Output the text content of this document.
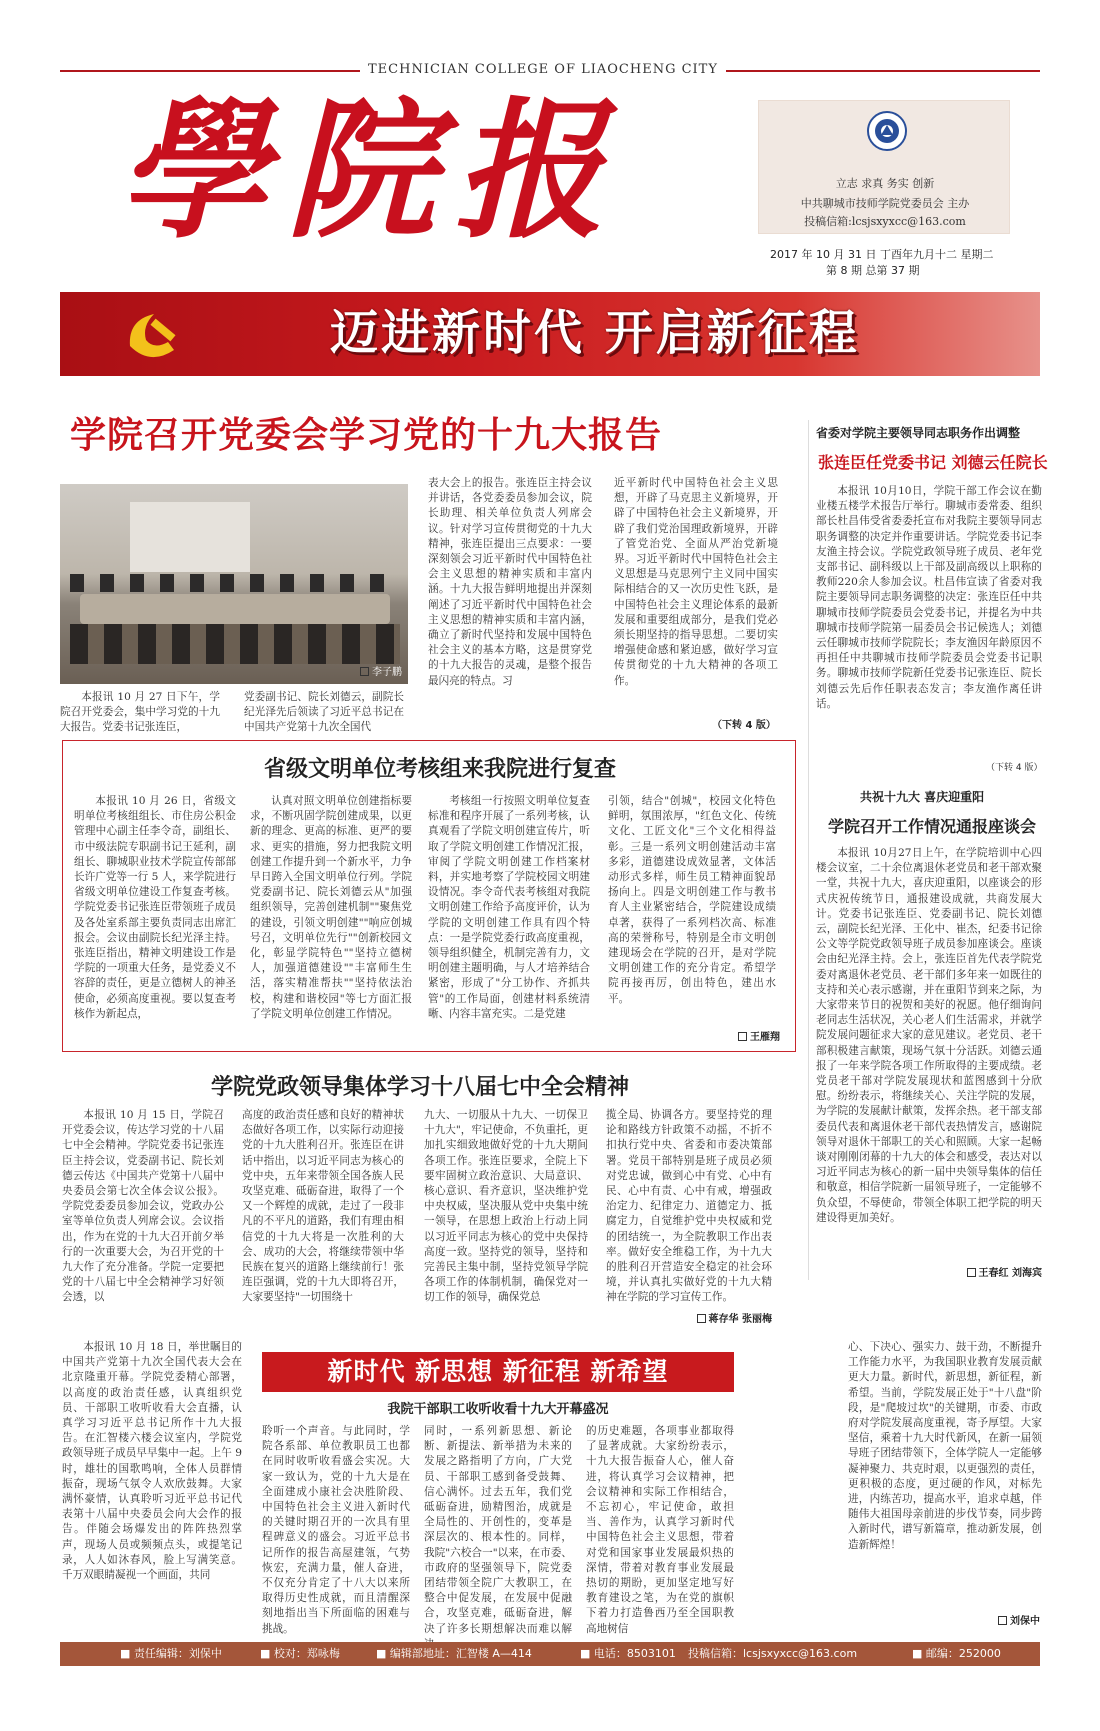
TECHNICIAN COLLEGE OF LIAOCHENG CITY
學院报	立志 求真 务实 创新
中共聊城市技师学院党委员会 主办
投稿信箱:lcsjsxyxcc@163.com
2017 年 10 月 31 日 丁酉年九月十二 星期二
第 8 期 总第 37 期
迈进新时代 开启新征程
学院召开党委会学习党的十九大报告
李子鹏
本报讯 10 月 27 日下午，学院召开党委会，集中学习党的十九大报告。党委书记张连臣，
党委副书记、院长刘德云，副院长纪光泽先后领读了习近平总书记在中国共产党第十九次全国代
表大会上的报告。张连臣主持会议并讲话，各党委委员参加会议，院长助理、相关单位负责人列席会议。针对学习宣传贯彻党的十九大精神，张连臣提出三点要求：一要深刻领会习近平新时代中国特色社会主义思想的精神实质和丰富内涵。十九大报告鲜明地提出并深刻阐述了习近平新时代中国特色社会主义思想的精神实质和丰富内涵，确立了新时代坚持和发展中国特色社会主义的基本方略，这是贯穿党的十九大报告的灵魂，是整个报告最闪亮的特点。习
近平新时代中国特色社会主义思想，开辟了马克思主义新境界，开辟了中国特色社会主义新境界，开辟了我们党治国理政新境界，开辟了管党治党、全面从严治党新境界。习近平新时代中国特色社会主义思想是马克思列宁主义同中国实际相结合的又一次历史性飞跃，是中国特色社会主义理论体系的最新发展和重要组成部分，是我们党必须长期坚持的指导思想。二要切实增强使命感和紧迫感，做好学习宣传贯彻党的十九大精神的各项工作。
（下转 4 版）
省委对学院主要领导同志职务作出调整
张连臣任党委书记 刘德云任院长
本报讯 10月10日，学院干部工作会议在勤业楼五楼学术报告厅举行。聊城市委常委、组织部长杜昌伟受省委委托宣布对我院主要领导同志职务调整的决定并作重要讲话。学院党委书记李友渔主持会议。学院党政领导班子成员、老年党支部书记、副科级以上干部及副高级以上职称的教师220余人参加会议。杜昌伟宣读了省委对我院主要领导同志职务调整的决定：张连臣任中共聊城市技师学院委员会党委书记，并提名为中共聊城市技师学院第一届委员会书记候选人；刘德云任聊城市技师学院院长；李友渔因年龄原因不再担任中共聊城市技师学院委员会党委书记职务。聊城市技师学院新任党委书记张连臣、院长刘德云先后作任职表态发言；李友渔作离任讲话。
（下转 4 版）
共祝十九大 喜庆迎重阳
学院召开工作情况通报座谈会
本报讯 10月27日上午，在学院培训中心四楼会议室，二十余位离退休老党员和老干部欢聚一堂，共祝十九大，喜庆迎重阳，以座谈会的形式庆祝传统节日，通报建设成就，共商发展大计。党委书记张连臣、党委副书记、院长刘德云，副院长纪光泽、王化中、崔杰，纪委书记徐公文等学院党政领导班子成员参加座谈会。座谈会由纪光泽主持。会上，张连臣首先代表学院党委对离退休老党员、老干部们多年来一如既往的支持和关心表示感谢，并在重阳节到来之际，为大家带来节日的祝贺和美好的祝愿。他仔细询问老同志生活状况，关心老人们生活需求，并就学院发展问题征求大家的意见建议。老党员、老干部积极建言献策，现场气氛十分活跃。刘德云通报了一年来学院各项工作所取得的主要成绩。老党员老干部对学院发展现状和蓝图感到十分欣慰。纷纷表示，将继续关心、关注学院的发展，为学院的发展献计献策，发挥余热。老干部支部委员代表和离退休老干部代表热情发言，感谢院领导对退休干部职工的关心和照顾。大家一起畅谈对刚刚闭幕的十九大的体会和感受，表达对以习近平同志为核心的新一届中央领导集体的信任和敬意，相信学院新一届领导班子，一定能够不负众望，不辱使命，带领全体职工把学院的明天建设得更加美好。
王春红 刘海宾
省级文明单位考核组来我院进行复查
本报讯 10 月 26 日，省级文明单位考核组组长、市住房公积金管理中心副主任李令奇，副组长、市中级法院专职副书记王延利，副组长、聊城职业技术学院宣传部部长许广党等一行 5 人，来学院进行省级文明单位建设工作复查考核。学院党委书记张连臣带领班子成员及各处室系部主要负责同志出席汇报会。会议由副院长纪光泽主持。张连臣指出，精神文明建设工作是学院的一项重大任务，是党委义不容辞的责任，更是立德树人的神圣使命，必须高度重视。要以复查考核作为新起点，
认真对照文明单位创建指标要求，不断巩固学院创建成果，以更新的理念、更高的标准、更严的要求、更实的措施，努力把我院文明创建工作提升到一个新水平，力争早日跨入全国文明单位行列。学院党委副书记、院长刘德云从"加强组织领导，完善创建机制""聚焦党的建设，引领文明创建""响应创城号召，文明单位先行""创新校园文化，彰显学院特色""坚持立德树人，加强道德建设""丰富师生生活，落实精准帮扶""坚持依法治校，构建和谐校园"等七方面汇报了学院文明单位创建工作情况。
考核组一行按照文明单位复查标准和程序开展了一系列考核，认真观看了学院文明创建宣传片，听取了学院文明创建工作情况汇报，审阅了学院文明创建工作档案材料，并实地考察了学院校园文明建设情况。李令奇代表考核组对我院文明创建工作给予高度评价，认为学院的文明创建工作具有四个特点：一是学院党委行政高度重视，领导组织健全，机制完善有力，文明创建主题明确，与人才培养结合紧密，形成了"分工协作、齐抓共管"的工作局面，创建材料系统清晰、内容丰富充实。二是党建
引领，结合"创城"，校园文化特色鲜明，氛围浓厚，"红色文化、传统文化、工匠文化"三个文化相得益彰。三是一系列文明创建活动丰富多彩，道德建设成效显著，文体活动形式多样，师生员工精神面貌昂扬向上。四是文明创建工作与教书育人主业紧密结合，学院建设成绩卓著，获得了一系列档次高、标准高的荣誉称号，特别是全市文明创建现场会在学院的召开，是对学院文明创建工作的充分肯定。希望学院再接再厉，创出特色，建出水平。
王雁翔
学院党政领导集体学习十八届七中全会精神
本报讯 10 月 15 日，学院召开党委会议，传达学习党的十八届七中全会精神。学院党委书记张连臣主持会议，党委副书记、院长刘德云传达《中国共产党第十八届中央委员会第七次全体会议公报》。学院党委委员参加会议，党政办公室等单位负责人列席会议。会议指出，作为在党的十九大召开前夕举行的一次重要大会，为召开党的十九大作了充分准备。学院一定要把党的十八届七中全会精神学习好领会透，以
高度的政治责任感和良好的精神状态做好各项工作，以实际行动迎接党的十九大胜利召开。张连臣在讲话中指出，以习近平同志为核心的党中央，五年来带领全国各族人民攻坚克难、砥砺奋进，取得了一个又一个辉煌的成就，走过了一段非凡的不平凡的道路，我们有理由相信党的十九大将是一次胜利的大会、成功的大会，将继续带领中华民族在复兴的道路上继续前行！张连臣强调，党的十九大即将召开，大家要坚持"一切围绕十
九大、一切服从十九大、一切保卫十九大"，牢记使命，不负重托，更加扎实细致地做好党的十九大期间各项工作。张连臣要求，全院上下要牢固树立政治意识、大局意识、核心意识、看齐意识，坚决维护党中央权威，坚决服从党中央集中统一领导，在思想上政治上行动上同以习近平同志为核心的党中央保持高度一致。坚持党的领导，坚持和完善民主集中制，坚持党领导学院各项工作的体制机制，确保党对一切工作的领导，确保党总
揽全局、协调各方。要坚持党的理论和路线方针政策不动摇，不折不扣执行党中央、省委和市委决策部署。党员干部特别是班子成员必须对党忠诚，做到心中有党、心中有民、心中有责、心中有戒，增强政治定力、纪律定力、道德定力、抵腐定力，自觉维护党中央权威和党的团结统一，为全院教职工作出表率。做好安全维稳工作，为十九大的胜利召开营造安全稳定的社会环境，并认真扎实做好党的十九大精神在学院的学习宣传工作。
蒋存华 张丽梅
新时代 新思想 新征程 新希望
我院干部职工收听收看十九大开幕盛况
本报讯 10 月 18 日，举世瞩目的中国共产党第十九次全国代表大会在北京隆重开幕。学院党委精心部署，以高度的政治责任感，认真组织党员、干部职工收听收看大会直播，认真学习习近平总书记所作十九大报告。在汇智楼六楼会议室内，学院党政领导班子成员早早集中一起。上午 9 时，雄壮的国歌鸣响，全体人员群情振奋，现场气氛令人欢欣鼓舞。大家满怀豪情，认真聆听习近平总书记代表第十八届中央委员会向大会作的报告。伴随会场爆发出的阵阵热烈掌声，现场人员或频频点头，或提笔记录，人人如沐春风，脸上写满笑意。千万双眼睛凝视一个画面，共同
聆听一个声音。与此同时，学院各系部、单位教职员工也都在同时收听收看盛会实况。大家一致认为，党的十九大是在全面建成小康社会决胜阶段、中国特色社会主义进入新时代的关键时期召开的一次具有里程碑意义的盛会。习近平总书记所作的报告高屋建瓴，气势恢宏，充满力量，催人奋进，不仅充分肯定了十八大以来所取得历史性成就，而且清醒深刻地指出当下所面临的困难与挑战。
同时，一系列新思想、新论断、新提法、新举措为未来的发展之路指明了方向，广大党员、干部职工感到备受鼓舞、信心满怀。过去五年，我们党砥砺奋进，励精图治，成就是全局性的、开创性的，变革是深层次的、根本性的。同样，我院"六校合一"以来，在市委、市政府的坚强领导下，院党委团结带领全院广大教职工，在整合中促发展，在发展中促融合，攻坚克难，砥砺奋进，解决了许多长期想解决而难以解
的历史难题，各项事业都取得了显著成就。大家纷纷表示，十九大报告振奋人心，催人奋进，将认真学习会议精神，把会议精神和实际工作相结合，不忘初心，牢记使命，敢担当、善作为，认真学习新时代中国特色社会主义思想，带着对党和国家事业发展最炽热的深情，带着对教育事业发展最热切的期盼，更加坚定地写好教育建设之笔，为在党的旗帜下着力打造鲁西乃至全国职教高地树信
心、下决心、强实力、鼓干劲，不断提升工作能力水平，为我国职业教育发展贡献更大力量。新时代，新思想，新征程，新希望。当前，学院发展正处于"十八盘"阶段，是"爬坡过坎"的关键期，市委、市政府对学院发展高度重视，寄予厚望。大家坚信，乘着十九大时代新风，在新一届领导班子团结带领下，全体学院人一定能够凝神聚力、共克时艰，以更强烈的责任，更积极的态度，更过硬的作风，对标先进，内练苦功，提高水平，追求卓越，伴随伟大祖国母亲前进的步伐节奏，同步跨入新时代，谱写新篇章，推动新发展，创造新辉煌！
刘保中
■ 责任编辑：刘保中	■ 校对：郑咏梅	■ 编辑部地址：汇智楼 A—414	■ 电话：8503101 投稿信箱：lcsjsxyxcc@163.com	■ 邮编：252000
